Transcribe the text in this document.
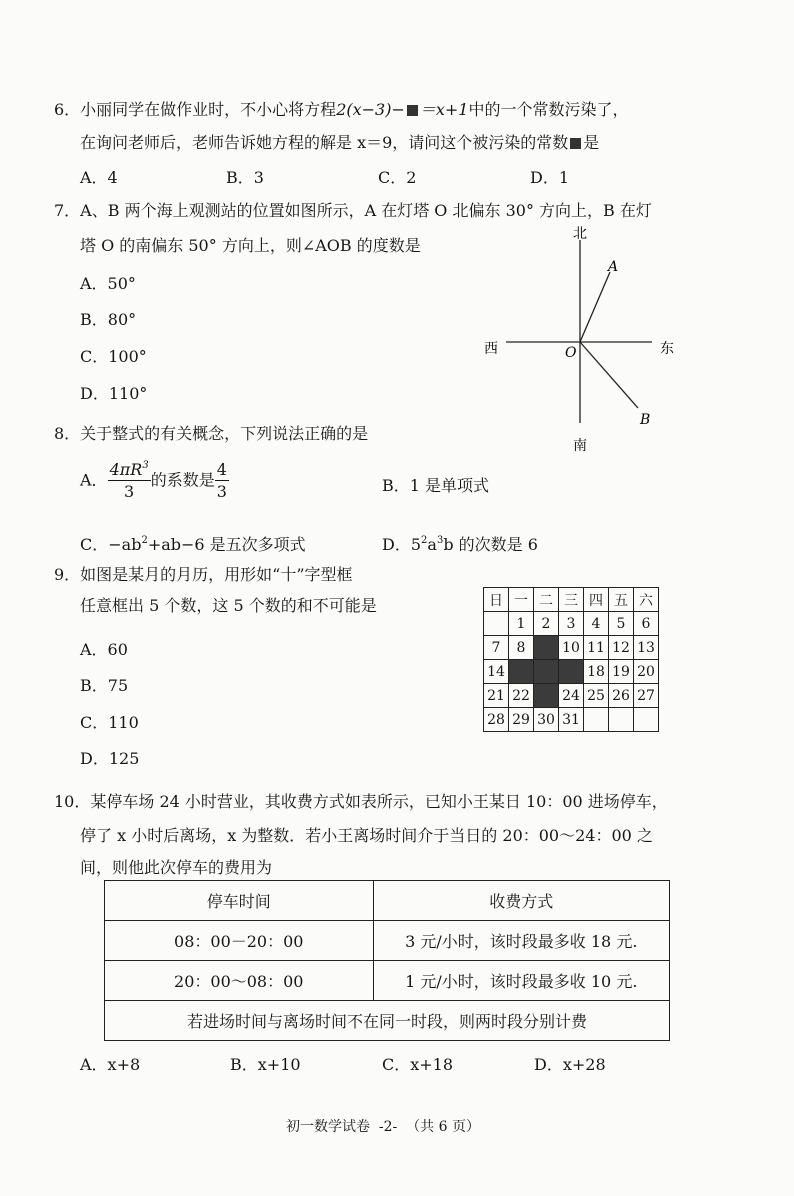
6．小丽同学在做作业时，不小心将方程2(x−3)− ＝x+1中的一个常数污染了，
在询问老师后，老师告诉她方程的解是 x＝9，请问这个被污染的常数 是
A．4	B．3	C．2	D．1
7．A、B 两个海上观测站的位置如图所示，A 在灯塔 O 北偏东 30° 方向上，B 在灯
塔 O 的南偏东 50° 方向上，则∠AOB 的度数是
A．50°
B．80°
C．100°
D．110°
北
南
东
西	O
A
B
8．关于整式的有关概念，下列说法正确的是
A． $\frac{4\pi R^3}{3}$ 的系数是 $\frac{4}{3}$	B．1 是单项式
C．$-ab^2+ab-6$ 是五次多项式	D．$5^2a^3b$ 的次数是 6
9．如图是某月的月历，用形如“十”字型框
任意框出 5 个数，这 5 个数的和不可能是
A．60
B．75
C．110
D．125
日	一	二	三	四	五	六
	1	2	3	4	5	6
7	8	9	10	11	12	13
14	15	16	17	18	19	20
21	22	23	24	25	26	27
28	29	30	31			
10．某停车场 24 小时营业，其收费方式如表所示，已知小王某日 10：00 进场停车，
停了 x 小时后离场，x 为整数．若小王离场时间介于当日的 20：00～24：00 之
间，则他此次停车的费用为
停车时间	收费方式
08：00－20：00	3 元/小时，该时段最多收 18 元.
20：00～08：00	1 元/小时，该时段最多收 10 元.
若进场时间与离场时间不在同一时段，则两时段分别计费	
A．x+8	B．x+10	C．x+18	D．x+28
初一数学试卷  -2-  （共 6 页）
